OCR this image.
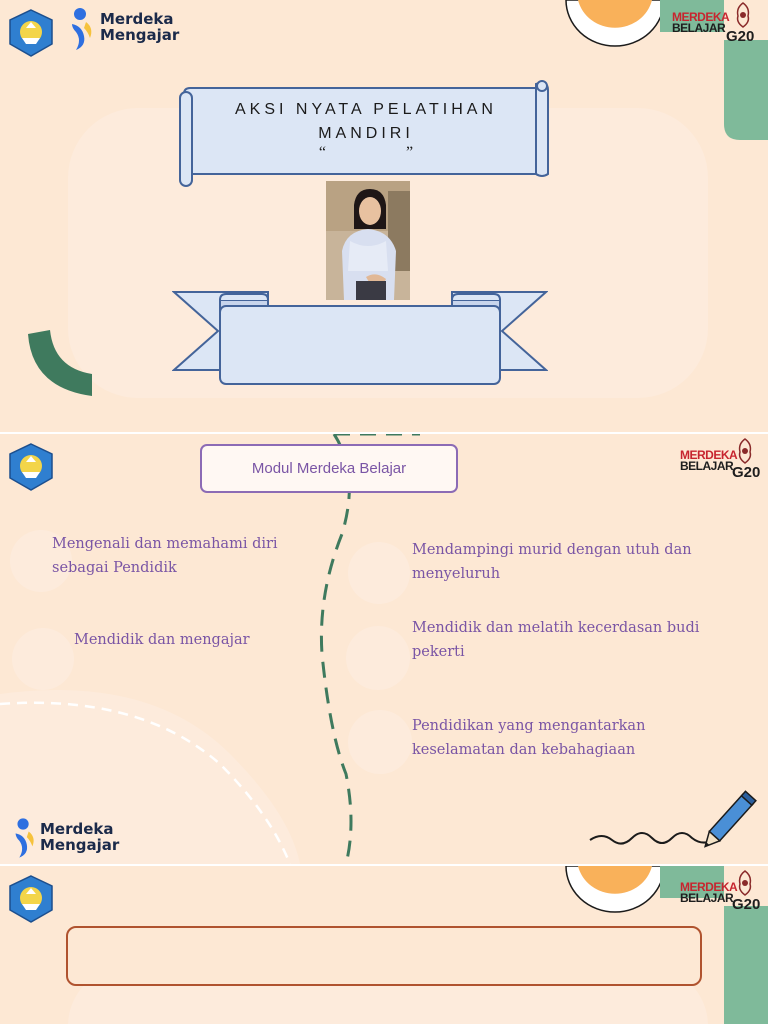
Merdeka
Mengajar
MERDEKA
BELAJAR G20
AKSI NYATA PELATIHAN
MANDIRI
“                    ”
MERDEKA
BELAJAR
G20
Modul Merdeka Belajar
Mengenali dan memahami diri sebagai Pendidik
Mendidik dan mengajar
Mendampingi murid dengan utuh dan menyeluruh
Mendidik dan melatih kecerdasan budi pekerti
Pendidikan yang mengantarkan keselamatan dan kebahagiaan
Merdeka
Mengajar
MERDEKA
BELAJAR
G20
